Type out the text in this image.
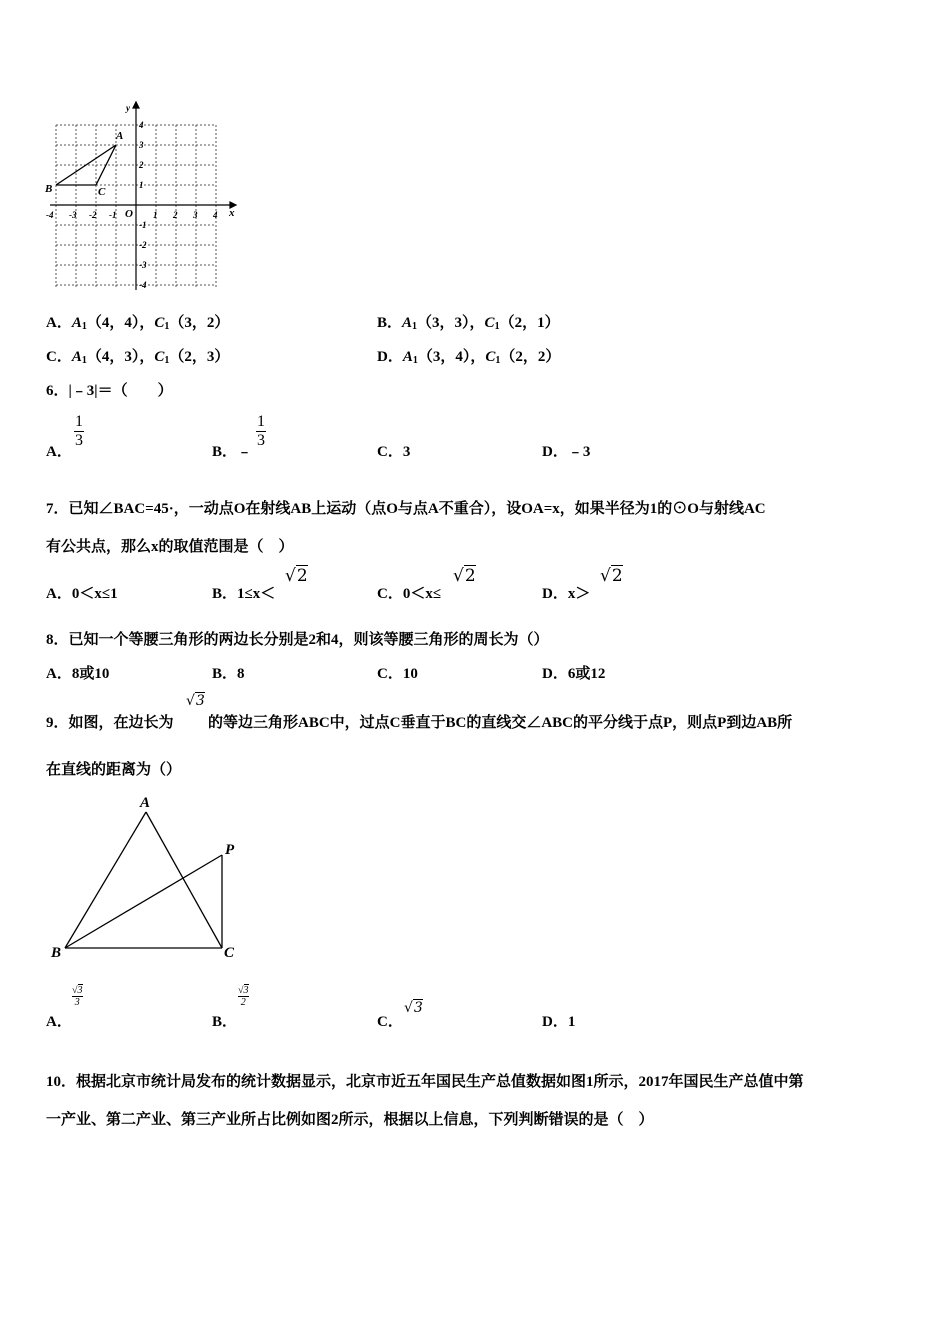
y
x
O
-4 -3 -2 -1	1 2 3 4
4
3
2
1
-1
-2
-3
-4
A
B	C
A．$A_1(4$，4），$C_1(3$，2）	B．$A_1(3$，3），$C_1(2$，1）
C．$A_1(4$，3），$C_1(2$，3）	D．$A_1(3$，4），$C_1(2$，2）
6．|﹣3|＝（　　）
A．
$\frac{1}{3}$
B．﹣
$\frac{1}{3}$
C．3	D．﹣3
7．已知∠BAC=45·，一动点O在射线AB上运动（点O与点A不重合），设OA=x，如果半径为1的⊙O与射线AC
有公共点，那么x的取值范围是（　）
A．0＜x≤1	B．1≤x＜
√2
C．0＜x≤
√2
D．x＞
√2
8．已知一个等腰三角形的两边长分别是2和4，则该等腰三角形的周长为（）
A．8或10	B．8	C．10	D．6或12
9．如图，在边长为
√3
的等边三角形ABC中，过点C垂直于BC的直线交∠ABC的平分线于点P，则点P到边AB所
在直线的距离为（）
A
B	C
P
A．
$\frac{√3}{3}$
B．
$\frac{√3}{2}$
C．
√3
D．1
10．根据北京市统计局发布的统计数据显示，北京市近五年国民生产总值数据如图1所示，2017年国民生产总值中第
一产业、第二产业、第三产业所占比例如图2所示，根据以上信息，下列判断错误的是（　）
